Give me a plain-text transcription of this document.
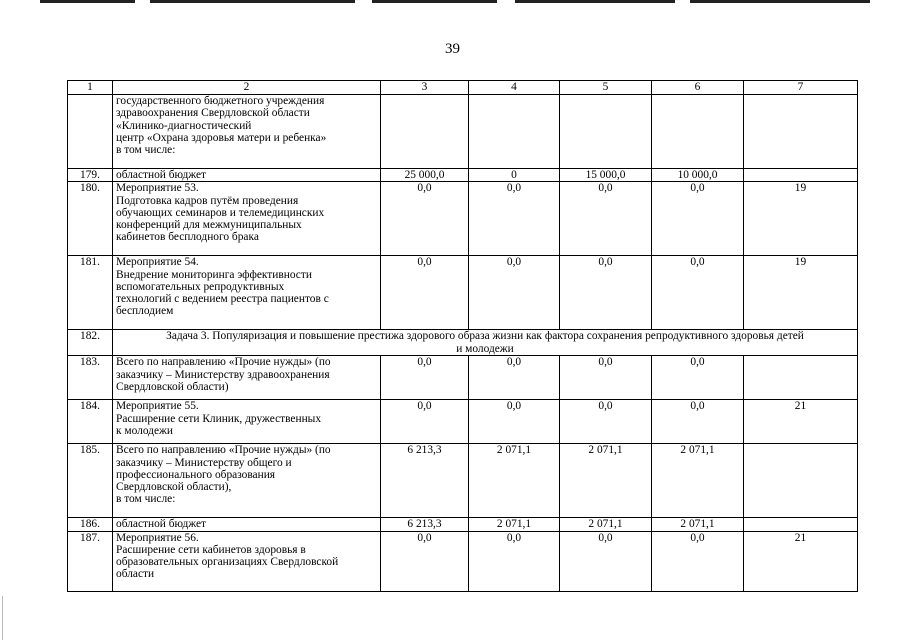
39
1	2	3	4	5	6	7
	государственного бюджетного учреждения
здравоохранения Свердловской области
«Клинико-диагностический
центр «Охрана здоровья матери и ребенка»
в том числе:					
179.	областной бюджет	25 000,0	0	15 000,0	10 000,0	
180.	Мероприятие 53.
Подготовка кадров путём проведения
обучающих семинаров и телемедицинских
конференций для межмуниципальных
кабинетов бесплодного брака	0,0	0,0	0,0	0,0	19
181.	Мероприятие 54.
Внедрение мониторинга эффективности
вспомогательных репродуктивных
технологий с ведением реестра пациентов с
бесплодием	0,0	0,0	0,0	0,0	19
182.	Задача 3. Популяризация и повышение престижа здорового образа жизни как фактора сохранения репродуктивного здоровья детей
и молодежи					
183.	Всего по направлению «Прочие нужды» (по
заказчику – Министерству здравоохранения
Свердловской области)	0,0	0,0	0,0	0,0	
184.	Мероприятие 55.
Расширение сети Клиник, дружественных
к молодежи	0,0	0,0	0,0	0,0	21
185.	Всего по направлению «Прочие нужды» (по
заказчику – Министерству общего и
профессионального образования
Свердловской области),
в том числе:	6 213,3	2 071,1	2 071,1	2 071,1	
186.	областной бюджет	6 213,3	2 071,1	2 071,1	2 071,1	
187.	Мероприятие 56.
Расширение сети кабинетов здоровья в
образовательных организациях Свердловской
области	0,0	0,0	0,0	0,0	21
